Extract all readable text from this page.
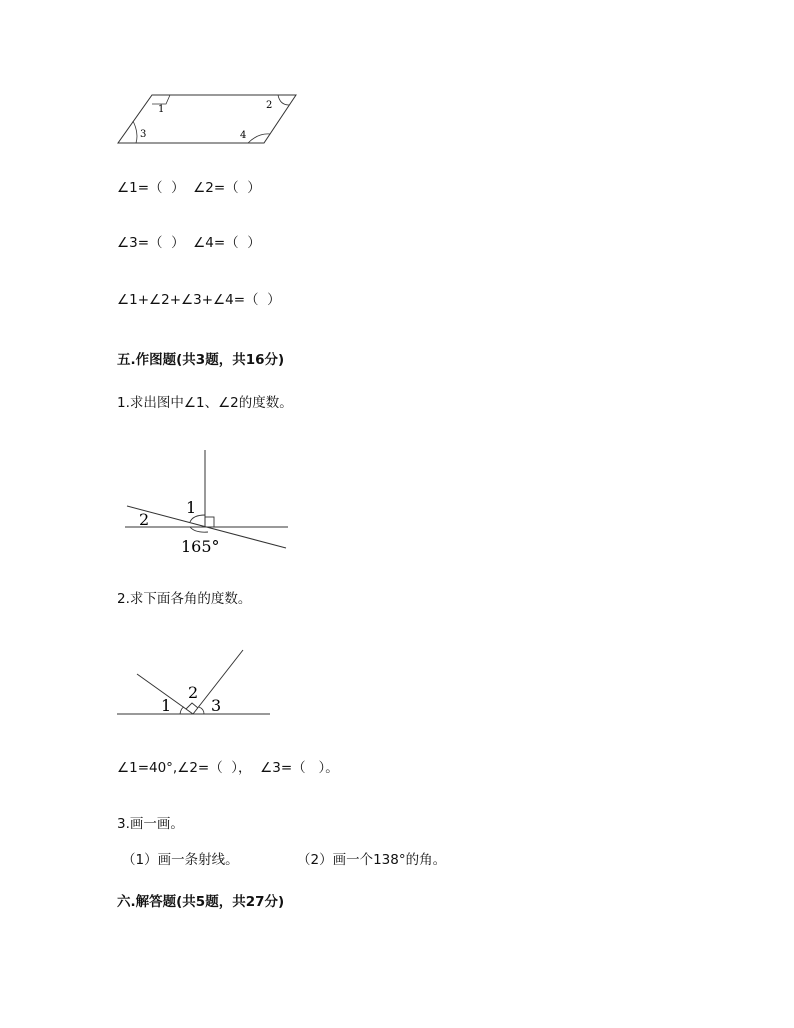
1	2
3	4
∠1=（  ）  ∠2=（  ）
∠3=（  ）  ∠4=（  ）
∠1+∠2+∠3+∠4=（  ）
五.作图题(共3题，共16分)
1.求出图中∠1、∠2的度数。
1
2
165°
2.求下面各角的度数。
1
2
3
∠1=40°,∠2=（  ），  ∠3=（   ）。
3.画一画。
（1）画一条射线。	（2）画一个138°的角。
六.解答题(共5题，共27分)
